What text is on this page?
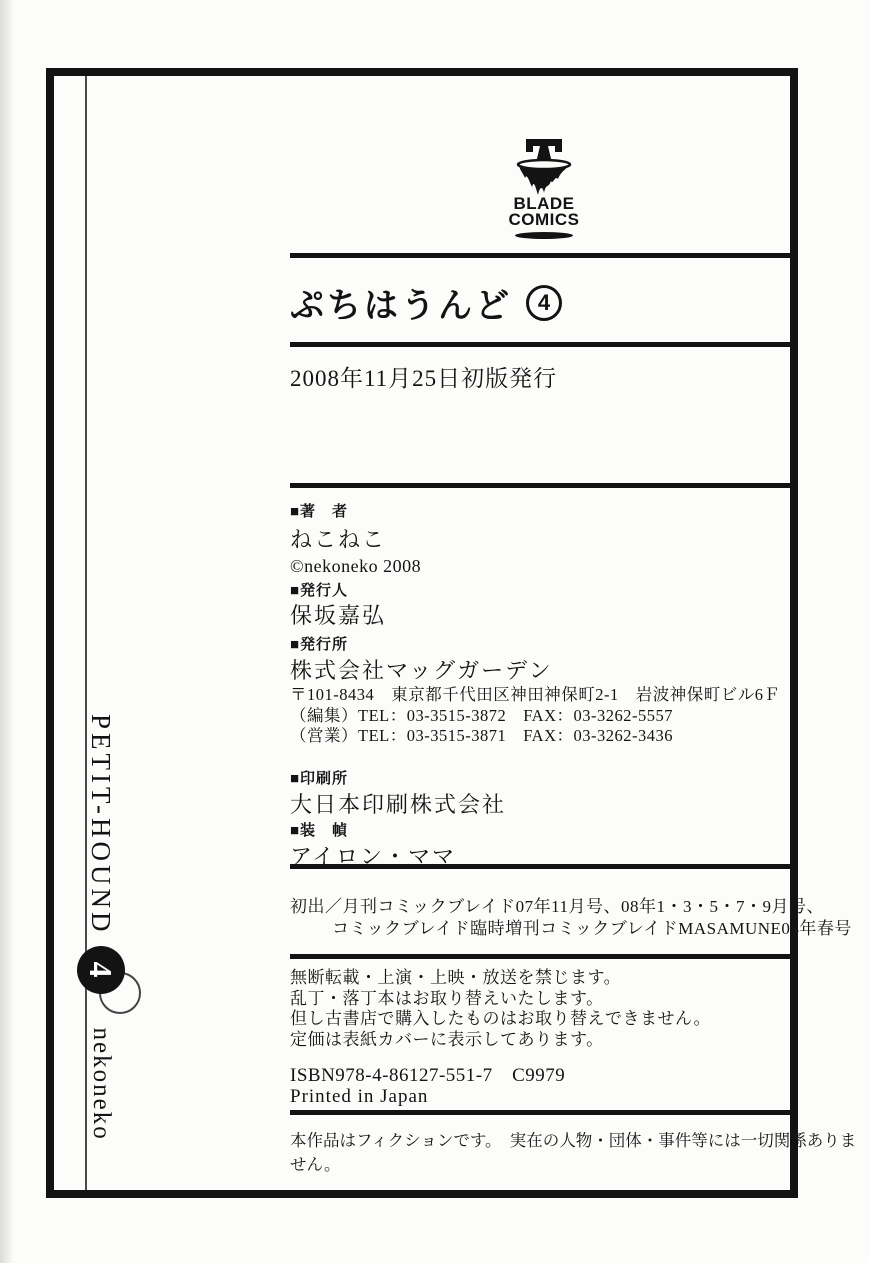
BLADE
COMICS
ぷちはうんど	4
2008年11月25日初版発行
■著　者
ねこねこ
©nekoneko 2008
■発行人
保坂嘉弘
■発行所
株式会社マッグガーデン
〒101-8434　東京都千代田区神田神保町2-1　岩波神保町ビル6Ｆ
（編集）TEL：03-3515-3872　FAX：03-3262-5557
（営業）TEL：03-3515-3871　FAX：03-3262-3436
■印刷所
大日本印刷株式会社
■装　幀
アイロン・ママ
初出／月刊コミックブレイド07年11月号、08年1・3・5・7・9月号、
コミックブレイド臨時増刊コミックブレイドMASAMUNE04年春号
無断転載・上演・上映・放送を禁じます。
乱丁・落丁本はお取り替えいたします。
但し古書店で購入したものはお取り替えできません。
定価は表紙カバーに表示してあります。
ISBN978-4-86127-551-7　C9979
Printed in Japan
本作品はフィクションです。　実在の人物・団体・事件等には一切関係ありません。
PETIT-HOUND
4
nekoneko
